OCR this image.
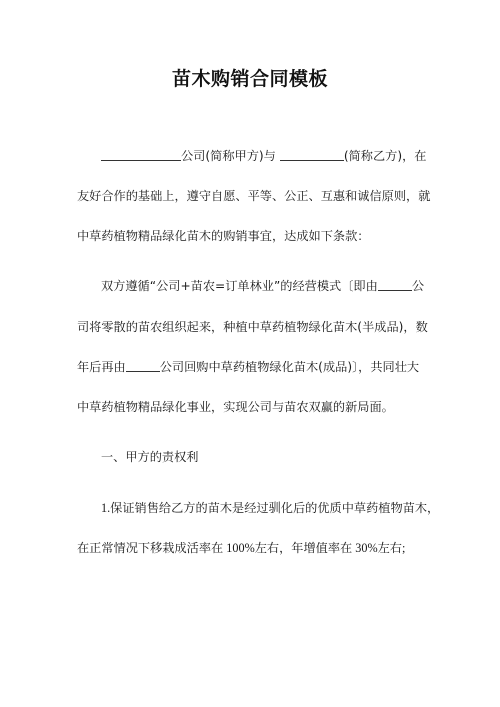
苗木购销合同模板
公司(简称甲方)与	(简称乙方)，在
友好合作的基础上，遵守自愿、平等、公正、互惠和诚信原则，就
中草药植物精品绿化苗木的购销事宜，达成如下条款：
双方遵循“公司+苗农=订单林业”的经营模式〔即由	公
司将零散的苗农组织起来，种植中草药植物绿化苗木(半成品)，数
年后再由	公司回购中草药植物绿化苗木(成品)〕，共同壮大
中草药植物精品绿化事业，实现公司与苗农双赢的新局面。
一、甲方的责权利
1.保证销售给乙方的苗木是经过驯化后的优质中草药植物苗木，
在正常情况下移栽成活率在 100%左右，年增值率在 30%左右;
